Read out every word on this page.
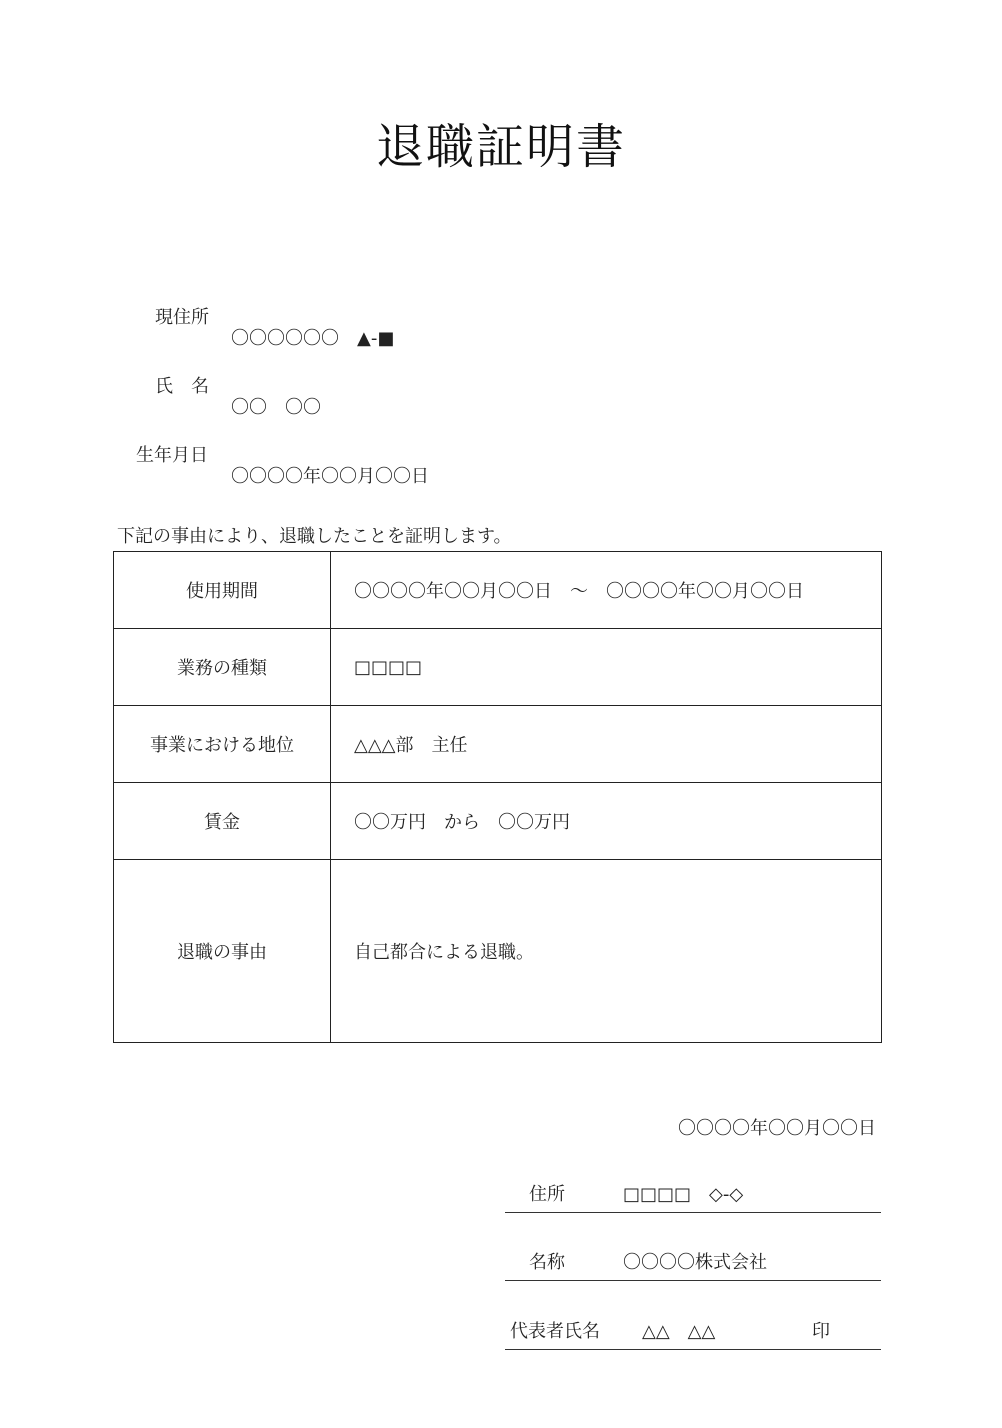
退職証明書

現住所

〇〇〇〇〇〇　▲-■

氏　名

〇〇　〇〇

生年月日

〇〇〇〇年〇〇月〇〇日

下記の事由により、退職したことを証明します。
使用期間	〇〇〇〇年〇〇月〇〇日　～　〇〇〇〇年〇〇月〇〇日
業務の種類	□□□□
事業における地位	△△△部　主任
賃金	〇〇万円　から　〇〇万円
退職の事由	自己都合による退職。
〇〇〇〇年〇〇月〇〇日
住所	□□□□　◇-◇
名称	〇〇〇〇株式会社
代表者氏名 △△　△△	印
